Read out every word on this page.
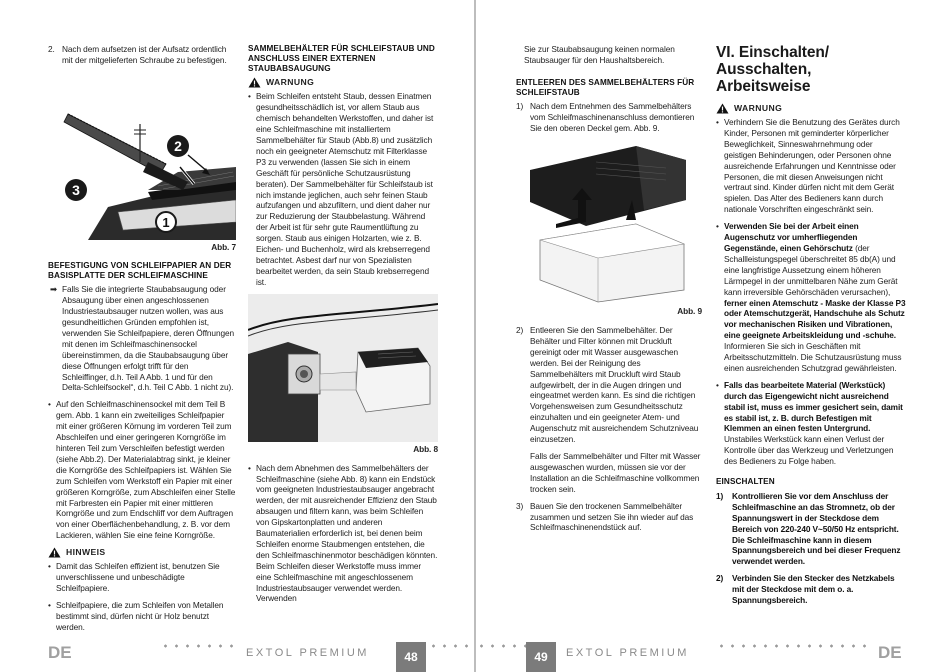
2. Nach dem aufsetzen ist der Aufsatz ordentlich mit der mitgelieferten Schraube zu befestigen.
2
1
3
Abb. 7
BEFESTIGUNG VON SCHLEIFPAPIER AN DER BASISPLATTE DER SCHLEIFMASCHINE
➡ Falls Sie die integrierte Staubabsaugung oder Absaugung über einen angeschlossenen Industriestaubsauger nutzen wollen, was aus gesundheitlichen Gründen empfohlen ist, verwenden Sie Schleifpapiere, deren Öffnungen mit denen im Schleifmaschinensockel übereinstimmen, da die Staubabsaugung über diese Öffnungen erfolgt trifft für den Schleiffinger, d.h. Teil A Abb. 1 und für den Delta-Schleifsockel“, d.h. Teil C Abb. 1 nicht zu).
• Auf den Schleifmaschinensockel mit dem Teil B gem. Abb. 1 kann ein zweiteiliges Schleifpapier mit einer größeren Körnung im vorderen Teil zum Abschleifen und einer geringeren Korngröße im hinteren Teil zum Verschleifen befestigt werden (siehe Abb.2). Der Materialabtrag sinkt, je kleiner die Korngröße des Schleifpapiers ist. Wählen Sie zum Schleifen vom Werkstoff ein Papier mit einer größeren Korngröße, zum Abschleifen einer Stelle mit Farbresten ein Papier mit einer mittleren Korngröße und zum Endschliff vor dem Auftragen von einer Oberflächenbehandlung, z. B. vor dem Lackieren, wählen Sie eine feine Korngröße.
HINWEIS
• Damit das Schleifen effizient ist, benutzen Sie unverschlissene und unbeschädigte Schleifpapiere.
• Schleifpapiere, die zum Schleifen von Metallen bestimmt sind, dürfen nicht ür Holz benutzt werden.
SAMMELBEHÄLTER FÜR SCHLEIFSTAUB UND ANSCHLUSS EINER EXTERNEN STAUBABSAUGUNG
WARNUNG
• Beim Schleifen entsteht Staub, dessen Einatmen gesundheitsschädlich ist, vor allem Staub aus chemisch behandelten Werkstoffen, und daher ist eine Schleifmaschine mit installiertem Sammelbehälter für Staub (Abb.8) und zusätzlich noch ein geeigneter Atemschutz mit Filterklasse P3 zu verwenden (lassen Sie sich in einem Geschäft für persönliche Schutzausrüstung beraten). Der Sammelbehälter für Schleifstaub ist nich imstande jeglichen, auch sehr feinen Staub aufzufangen und abzufiltern, und dient daher nur zur Reduzierung der Staubbelastung. Während der Arbeit ist für sehr gute Raumentlüftung zu sorgen. Staub aus einigen Holzarten, wie z. B. Eichen- und Buchenholz, wird als krebserregend betrachtet. Asbest darf nur von Spezialisten bearbeitet werden, da sein Staub krebserregend ist.
Abb. 8
• Nach dem Abnehmen des Sammelbehälters der Schleifmaschine (siehe Abb. 8) kann ein Endstück vom geeigneten Industriestaubsauger angebracht werden, der mit ausreichender Effizienz den Staub absaugen und filtern kann, was beim Schleifen von Gipskartonplatten und anderen Baumaterialien erforderlich ist, bei denen beim Schleifen enorme Staubmengen entstehen, die den Schleifmaschinenmotor beschädigen könnten. Beim Schleifen dieser Werkstoffe muss immer eine Schleifmaschine mit angeschlossenem Industriestaubsauger verwendet werden. Verwenden
DE	EXTOL PREMIUM	48

Sie zur Staubabsaugung keinen normalen Staubsauger für den Haushaltsbereich.

ENTLEEREN DES SAMMELBEHÄLTERS FÜR SCHLEIFSTAUB
1) Nach dem Entnehmen des Sammelbehälters vom Schleifmaschinenanschluss demontieren Sie den oberen Deckel gem. Abb. 9.
Abb. 9
2) Entleeren Sie den Sammelbehälter. Der Behälter und Filter können mit Druckluft gereinigt oder mit Wasser ausgewaschen werden. Bei der Reinigung des Sammelbehälters mit Druckluft wird Staub aufgewirbelt, der in die Augen dringen und eingeatmet werden kann. Es sind die richtigen Vorgehensweisen zum Gesundheitsschutz einzuhalten und ein geeigneter Atem- und Augenschutz mit ausreichendem Schutzniveau einzusetzen.

Falls der Sammelbehälter und Filter mit Wasser ausgewaschen wurden, müssen sie vor der Installation an die Schleifmaschine vollkommen trocken sein.

3) Bauen Sie den trockenen Sammelbehälter zusammen und setzen Sie ihn wieder auf das Schleifmaschinenendstück auf.
VI. Einschalten/
Ausschalten, Arbeitsweise
WARNUNG
• Verhindern Sie die Benutzung des Gerätes durch Kinder, Personen mit geminderter körperlicher Beweglichkeit, Sinneswahrnehmung oder geistigen Behinderungen, oder Personen ohne ausreichende Erfahrungen und Kenntnisse oder Personen, die mit diesen Anweisungen nicht vertraut sind. Kinder dürfen nicht mit dem Gerät spielen. Das Alter des Bedieners kann durch nationale Vorschriften eingeschränkt sein.
• Verwenden Sie bei der Arbeit einen Augenschutz vor umherfliegenden Gegenstände, einen Gehörschutz (der Schallleistungspegel überschreitet 85 db(A) und eine langfristige Aussetzung einem höheren Lärmpegel in der unmittelbaren Nähe zum Gerät kann irreversible Gehörschäden verursachen), ferner einen Atemschutz - Maske der Klasse P3 oder Atemschutzgerät, Handschuhe als Schutz vor mechanischen Risiken und Vibrationen, eine geeignete Arbeitskleidung und -schuhe. Informieren Sie sich in Geschäften mit Arbeitsschutzmitteln. Die Schutzausrüstung muss einen ausreichenden Schutzgrad gewährleisten.
• Falls das bearbeitete Material (Werkstück) durch das Eigengewicht nicht ausreichend stabil ist, muss es immer gesichert sein, damit es stabil ist, z. B. durch Befestigen mit Klemmen an einen festen Untergrund. Unstabiles Werkstück kann einen Verlust der Kontrolle über das Werkzeug und Verletzungen des Bedieners zu Folge haben.
EINSCHALTEN
1) Kontrollieren Sie vor dem Anschluss der Schleifmaschine an das Stromnetz, ob der Spannungswert in der Steckdose dem Bereich von 220-240 V~50/50 Hz entspricht. Die Schleifmaschine kann in diesem Spannungsbereich und bei dieser Frequenz verwendet werden.
2) Verbinden Sie den Stecker des Netzkabels mit der Steckdose mit dem o. a. Spannungsbereich.
49	EXTOL PREMIUM	DE
